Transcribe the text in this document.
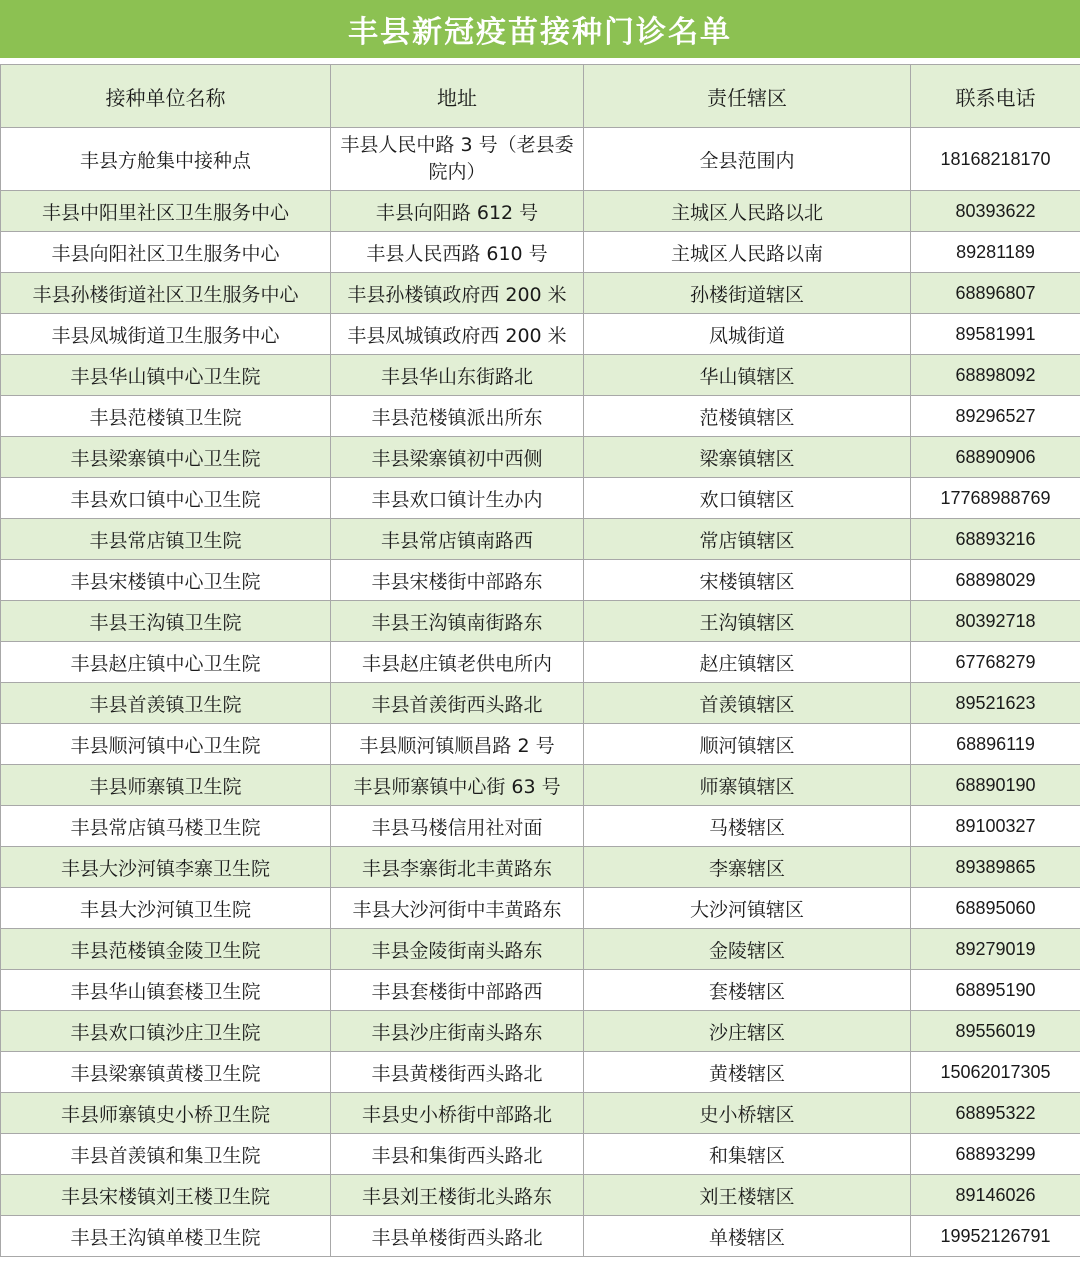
丰县新冠疫苗接种门诊名单
接种单位名称	地址	责任辖区	联系电话
丰县方舱集中接种点	丰县人民中路 3 号（老县委院内）	全县范围内	18168218170
丰县中阳里社区卫生服务中心	丰县向阳路 612 号	主城区人民路以北	80393622
丰县向阳社区卫生服务中心	丰县人民西路 610 号	主城区人民路以南	89281189
丰县孙楼街道社区卫生服务中心	丰县孙楼镇政府西 200 米	孙楼街道辖区	68896807
丰县凤城街道卫生服务中心	丰县凤城镇政府西 200 米	凤城街道	89581991
丰县华山镇中心卫生院	丰县华山东街路北	华山镇辖区	68898092
丰县范楼镇卫生院	丰县范楼镇派出所东	范楼镇辖区	89296527
丰县梁寨镇中心卫生院	丰县梁寨镇初中西侧	梁寨镇辖区	68890906
丰县欢口镇中心卫生院	丰县欢口镇计生办内	欢口镇辖区	17768988769
丰县常店镇卫生院	丰县常店镇南路西	常店镇辖区	68893216
丰县宋楼镇中心卫生院	丰县宋楼街中部路东	宋楼镇辖区	68898029
丰县王沟镇卫生院	丰县王沟镇南街路东	王沟镇辖区	80392718
丰县赵庄镇中心卫生院	丰县赵庄镇老供电所内	赵庄镇辖区	67768279
丰县首羡镇卫生院	丰县首羡街西头路北	首羡镇辖区	89521623
丰县顺河镇中心卫生院	丰县顺河镇顺昌路 2 号	顺河镇辖区	68896119
丰县师寨镇卫生院	丰县师寨镇中心街 63 号	师寨镇辖区	68890190
丰县常店镇马楼卫生院	丰县马楼信用社对面	马楼辖区	89100327
丰县大沙河镇李寨卫生院	丰县李寨街北丰黄路东	李寨辖区	89389865
丰县大沙河镇卫生院	丰县大沙河街中丰黄路东	大沙河镇辖区	68895060
丰县范楼镇金陵卫生院	丰县金陵街南头路东	金陵辖区	89279019
丰县华山镇套楼卫生院	丰县套楼街中部路西	套楼辖区	68895190
丰县欢口镇沙庄卫生院	丰县沙庄街南头路东	沙庄辖区	89556019
丰县梁寨镇黄楼卫生院	丰县黄楼街西头路北	黄楼辖区	15062017305
丰县师寨镇史小桥卫生院	丰县史小桥街中部路北	史小桥辖区	68895322
丰县首羡镇和集卫生院	丰县和集街西头路北	和集辖区	68893299
丰县宋楼镇刘王楼卫生院	丰县刘王楼街北头路东	刘王楼辖区	89146026
丰县王沟镇单楼卫生院	丰县单楼街西头路北	单楼辖区	19952126791
